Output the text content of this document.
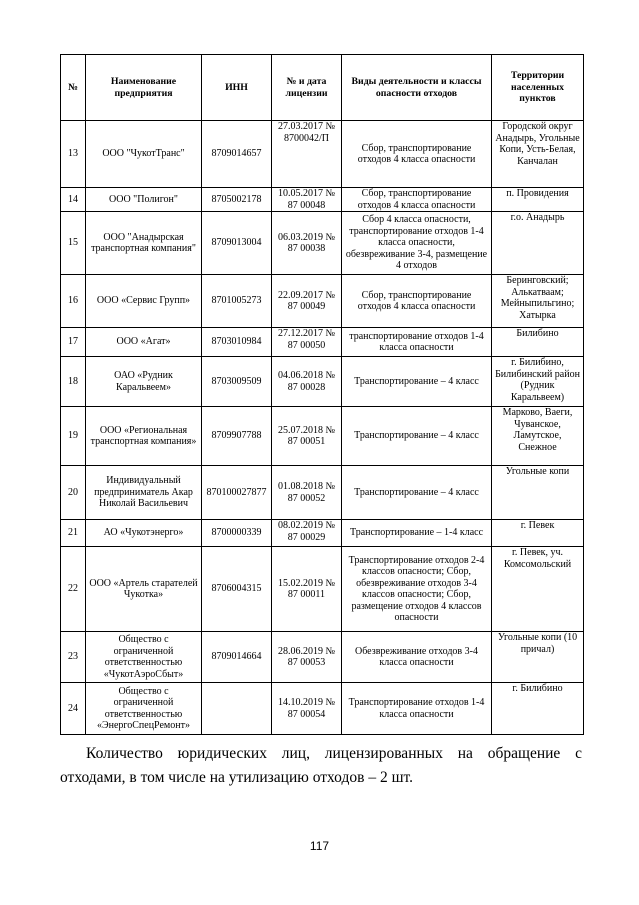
№	Наименование предприятия	ИНН	№ и дата лицензии	Виды деятельности и классы опасности отходов	Территории населенных пунктов
13	ООО "ЧукотТранс"	8709014657	27.03.2017 № 8700042/П	Сбор, транспортирование отходов 4 класса опасности	Городской округ Анадырь, Угольные Копи, Усть-Белая, Канчалан
14	ООО "Полигон"	8705002178	10.05.2017 № 87 00048	Сбор, транспортирование отходов 4 класса опасности	п. Провидения
15	ООО "Анадырская транспортная компания"	8709013004	06.03.2019 № 87 00038	Сбор 4 класса опасности, транспортирование отходов 1-4 класса опасности, обезвреживание 3-4, размещение 4 отходов	г.о. Анадырь
16	ООО «Сервис Групп»	8701005273	22.09.2017 № 87 00049	Сбор, транспортирование отходов 4 класса опасности	Беринговский; Алькатваам; Мейныпильгино; Хатырка
17	ООО «Агат»	8703010984	27.12.2017 № 87 00050	транспортирование отходов 1-4 класса опасности	Билибино
18	ОАО «Рудник Каральвеем»	8703009509	04.06.2018 № 87 00028	Транспортирование – 4 класс	г. Билибино, Билибинский район (Рудник Каральвеем)
19	ООО «Региональная транспортная компания»	8709907788	25.07.2018 № 87 00051	Транспортирование – 4 класс	Марково, Ваеги, Чуванское, Ламутское, Снежное
20	Индивидуальный предприниматель Акар Николай Васильевич	870100027877	01.08.2018 № 87 00052	Транспортирование – 4 класс	Угольные копи
21	АО «Чукотэнерго»	8700000339	08.02.2019 № 87 00029	Транспортирование – 1-4 класс	г. Певек
22	ООО «Артель старателей Чукотка»	8706004315	15.02.2019 № 87 00011	Транспортирование отходов 2-4 классов опасности; Сбор, обезвреживание отходов 3-4 классов опасности; Сбор, размещение отходов 4 классов опасности	г. Певек, уч. Комсомольский
23	Общество с ограниченной ответственностью «ЧукотАэроСбыт»	8709014664	28.06.2019 № 87 00053	Обезвреживание отходов 3-4 класса опасности	Угольные копи (10 причал)
24	Общество с ограниченной ответственностью «ЭнергоСпецРемонт»		14.10.2019 № 87 00054	Транспортирование отходов 1-4 класса опасности	г. Билибино
Количество юридических лиц, лицензированных на обращение с
отходами, в том числе на утилизацию отходов – 2 шт.
117
